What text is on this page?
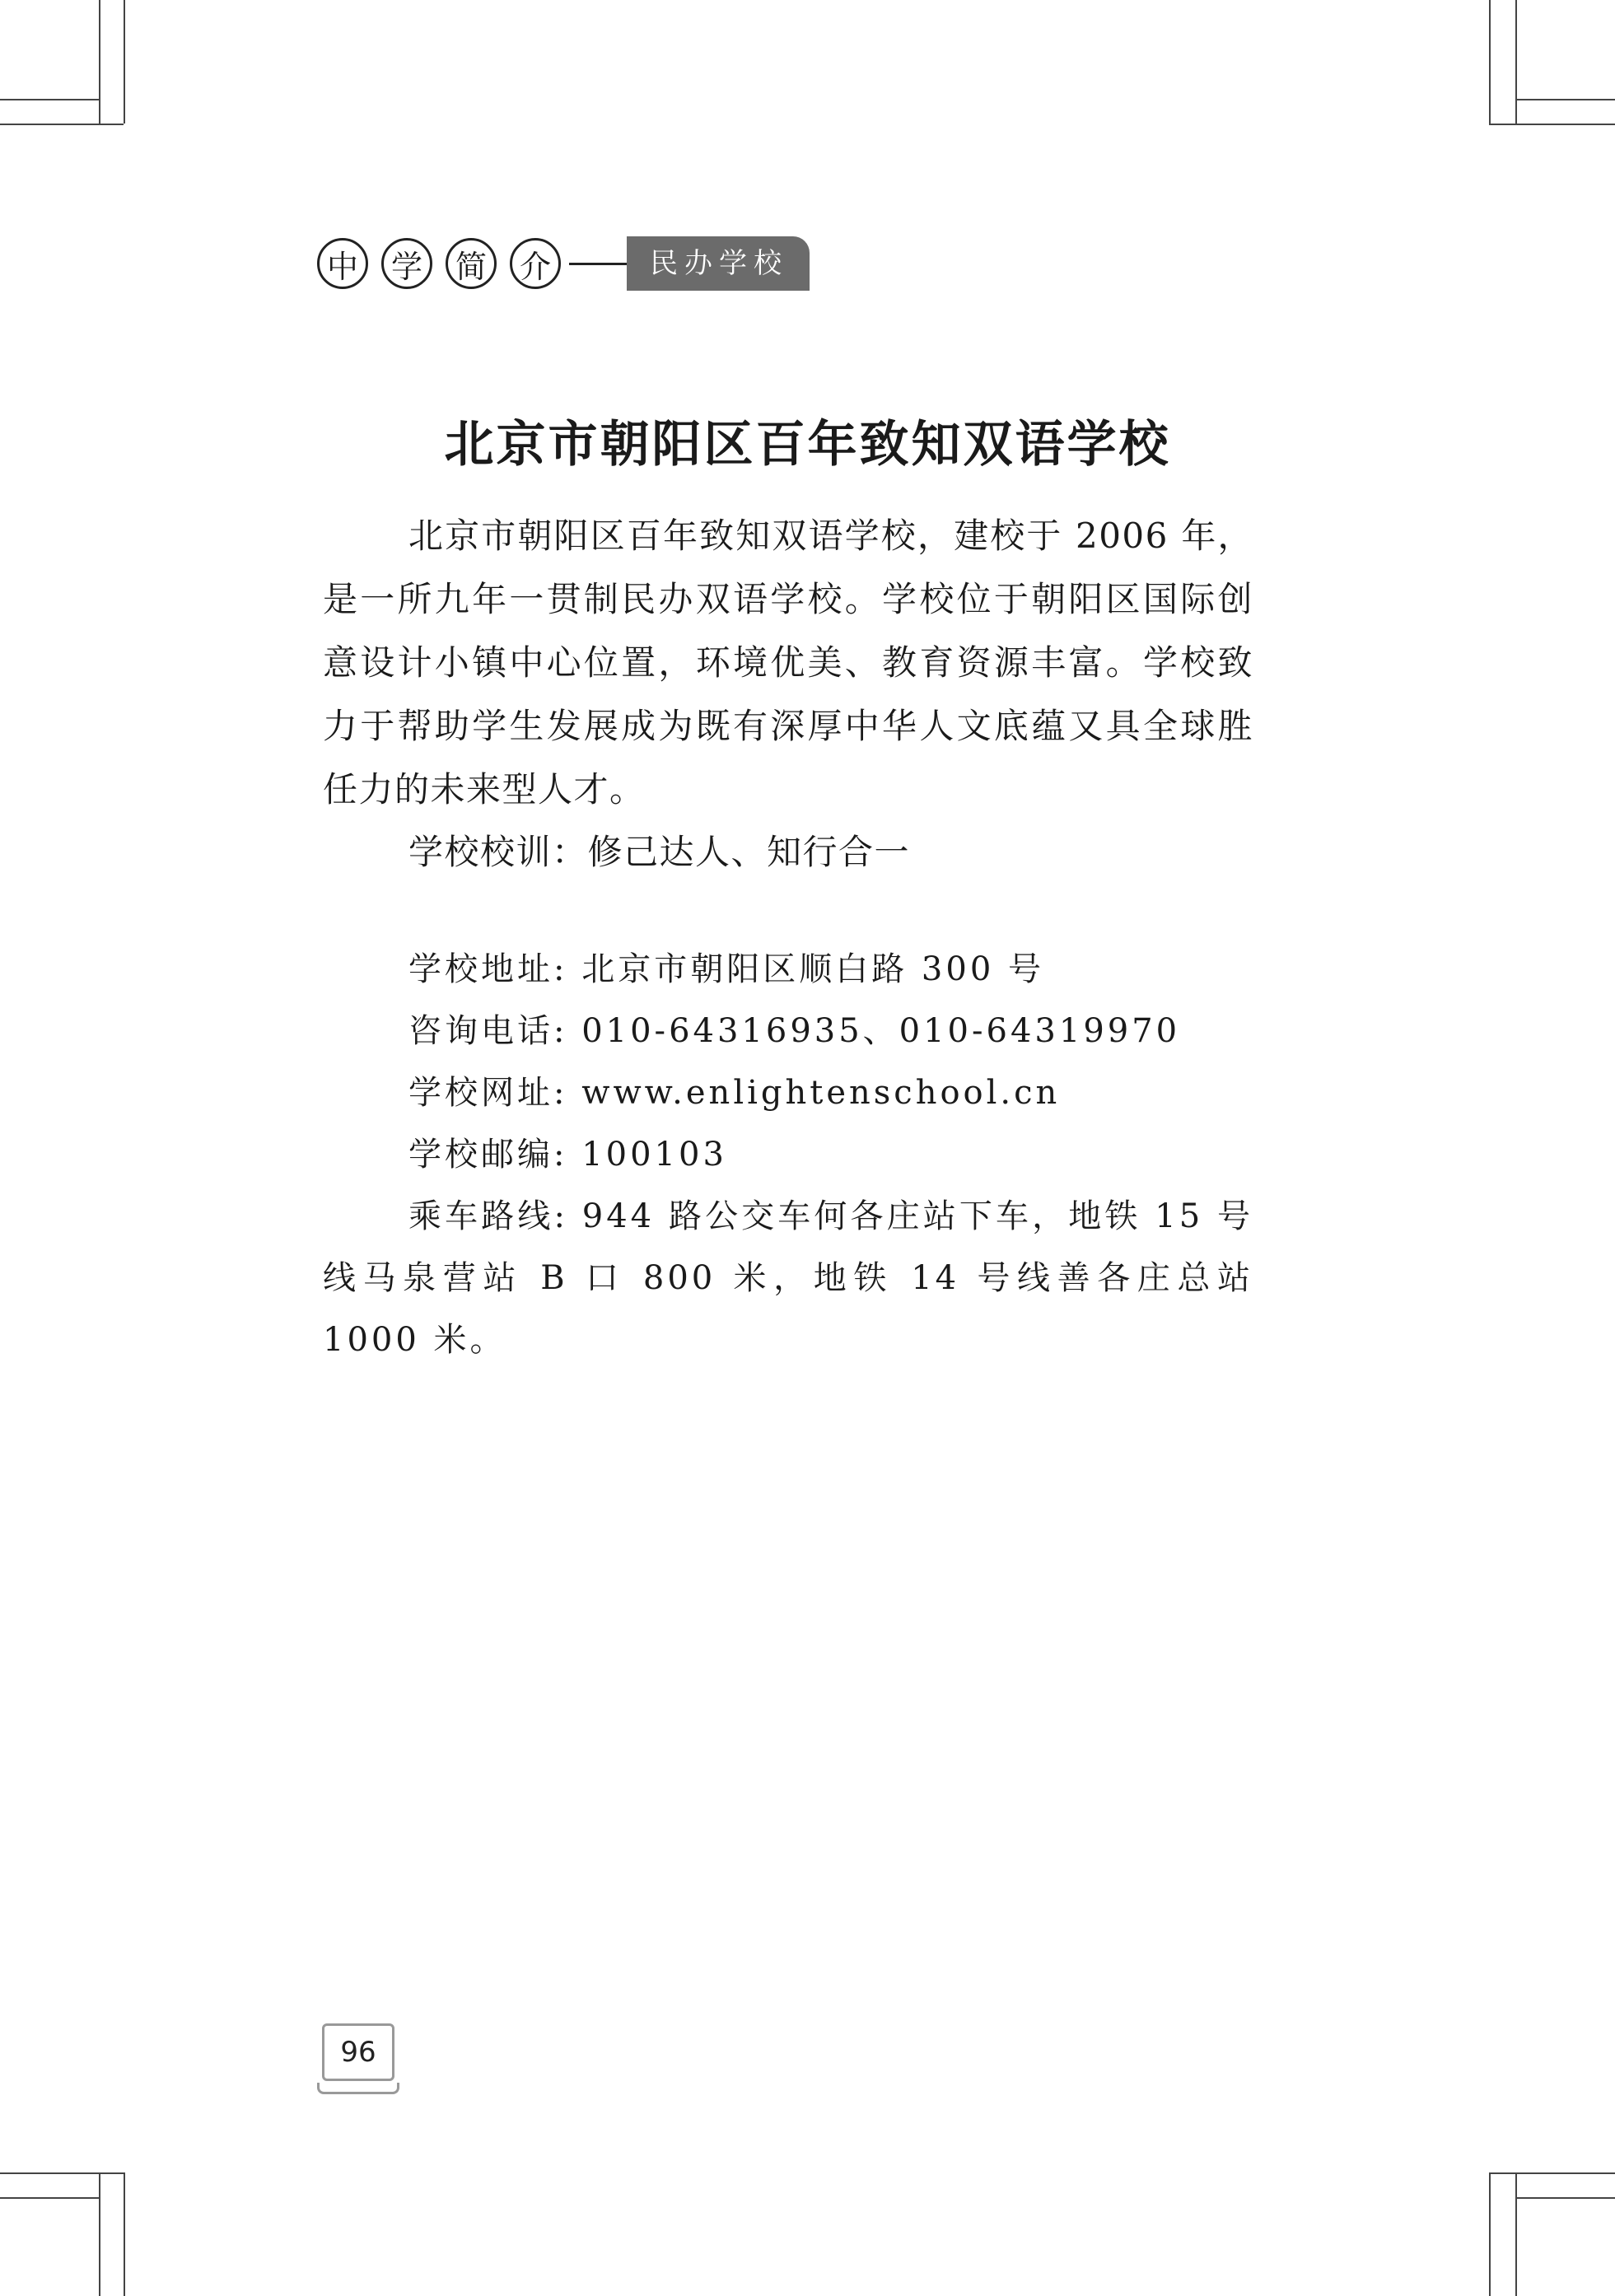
中	学	简	介	民办学校
北京市朝阳区百年致知双语学校
北京市朝阳区百年致知双语学校，建校于 2006 年，是一所九年一贯制民办双语学校。学校位于朝阳区国际创意设计小镇中心位置，环境优美、教育资源丰富。学校致力于帮助学生发展成为既有深厚中华人文底蕴又具全球胜任力的未来型人才。
学校校训：修己达人、知行合一
学校地址: 北京市朝阳区顺白路 300 号
咨询电话: 010-64316935、010-64319970
学校网址: www.enlightenschool.cn
学校邮编: 100103
乘车路线: 944 路公交车何各庄站下车，地铁 15 号线马泉营站 B 口 800 米，地铁 14 号线善各庄总站 1000 米。
96
